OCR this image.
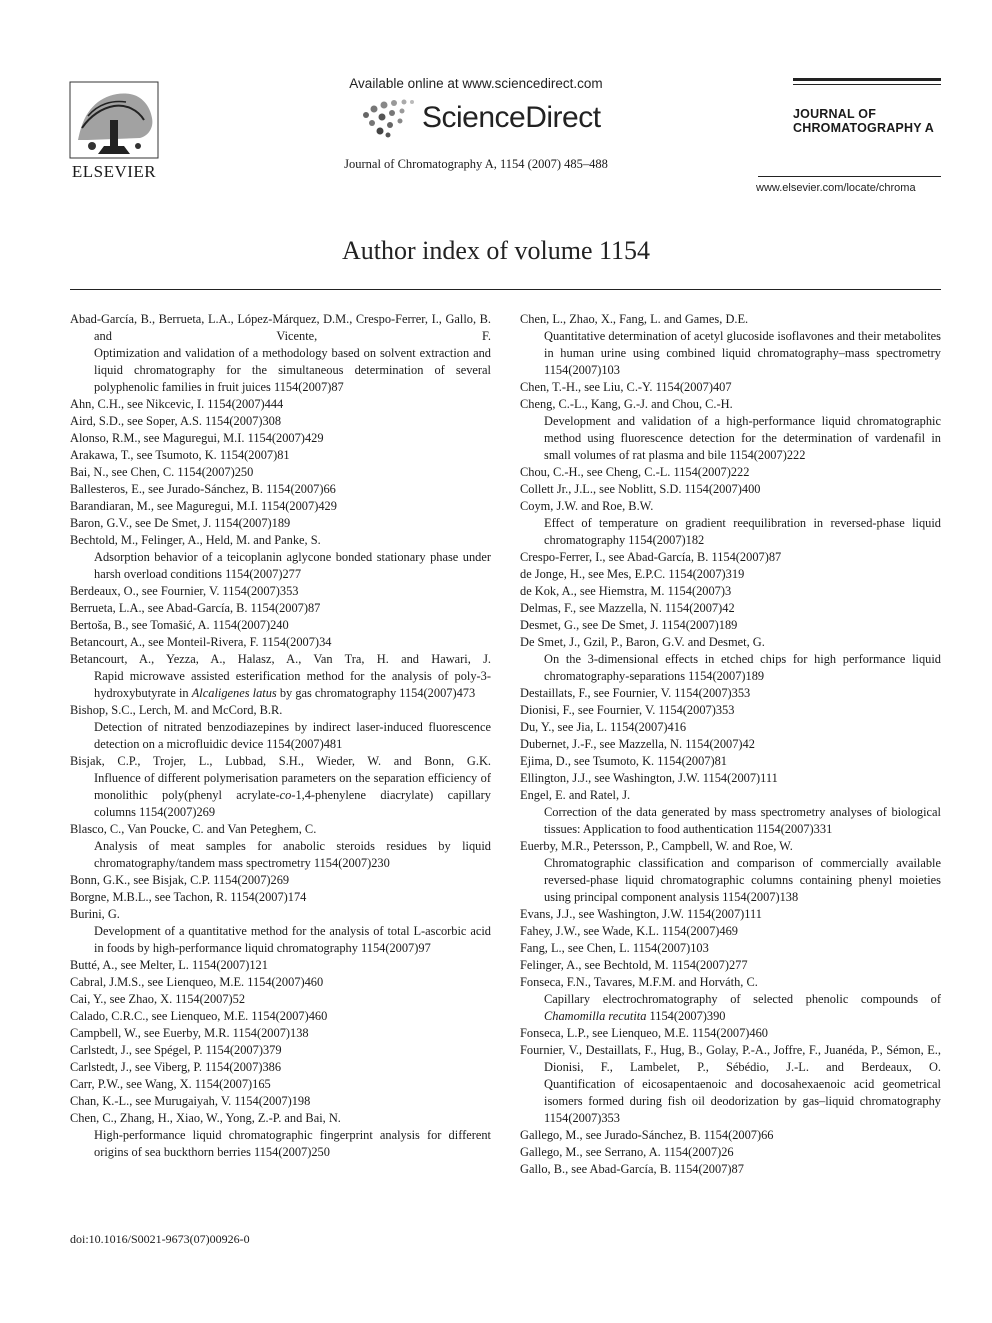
ELSEVIER
Available online at www.sciencedirect.com
ScienceDirect
Journal of Chromatography A, 1154 (2007) 485–488
JOURNAL OF
CHROMATOGRAPHY A
www.elsevier.com/locate/chroma
Author index of volume 1154
Abad-García, B., Berrueta, L.A., López-Márquez, D.M., Crespo-Ferrer, I., Gallo, B. and Vicente, F.
Optimization and validation of a methodology based on solvent extraction and liquid chromatography for the simultaneous determination of several polyphenolic families in fruit juices 1154(2007)87
Ahn, C.H., see Nikcevic, I. 1154(2007)444
Aird, S.D., see Soper, A.S. 1154(2007)308
Alonso, R.M., see Maguregui, M.I. 1154(2007)429
Arakawa, T., see Tsumoto, K. 1154(2007)81
Bai, N., see Chen, C. 1154(2007)250
Ballesteros, E., see Jurado-Sánchez, B. 1154(2007)66
Barandiaran, M., see Maguregui, M.I. 1154(2007)429
Baron, G.V., see De Smet, J. 1154(2007)189
Bechtold, M., Felinger, A., Held, M. and Panke, S.
Adsorption behavior of a teicoplanin aglycone bonded stationary phase under harsh overload conditions 1154(2007)277
Berdeaux, O., see Fournier, V. 1154(2007)353
Berrueta, L.A., see Abad-García, B. 1154(2007)87
Bertoša, B., see Tomašić, A. 1154(2007)240
Betancourt, A., see Monteil-Rivera, F. 1154(2007)34
Betancourt, A., Yezza, A., Halasz, A., Van Tra, H. and Hawari, J.
Rapid microwave assisted esterification method for the analysis of poly-3-hydroxybutyrate in Alcaligenes latus by gas chromatography 1154(2007)473
Bishop, S.C., Lerch, M. and McCord, B.R.
Detection of nitrated benzodiazepines by indirect laser-induced fluorescence detection on a microfluidic device 1154(2007)481
Bisjak, C.P., Trojer, L., Lubbad, S.H., Wieder, W. and Bonn, G.K.
Influence of different polymerisation parameters on the separation efficiency of monolithic poly(phenyl acrylate-co-1,4-phenylene diacrylate) capillary columns 1154(2007)269
Blasco, C., Van Poucke, C. and Van Peteghem, C.
Analysis of meat samples for anabolic steroids residues by liquid chromatography/tandem mass spectrometry 1154(2007)230
Bonn, G.K., see Bisjak, C.P. 1154(2007)269
Borgne, M.B.L., see Tachon, R. 1154(2007)174
Burini, G.
Development of a quantitative method for the analysis of total L-ascorbic acid in foods by high-performance liquid chromatography 1154(2007)97
Butté, A., see Melter, L. 1154(2007)121
Cabral, J.M.S., see Lienqueo, M.E. 1154(2007)460
Cai, Y., see Zhao, X. 1154(2007)52
Calado, C.R.C., see Lienqueo, M.E. 1154(2007)460
Campbell, W., see Euerby, M.R. 1154(2007)138
Carlstedt, J., see Spégel, P. 1154(2007)379
Carlstedt, J., see Viberg, P. 1154(2007)386
Carr, P.W., see Wang, X. 1154(2007)165
Chan, K.-L., see Murugaiyah, V. 1154(2007)198
Chen, C., Zhang, H., Xiao, W., Yong, Z.-P. and Bai, N.
High-performance liquid chromatographic fingerprint analysis for different origins of sea buckthorn berries 1154(2007)250
Chen, L., Zhao, X., Fang, L. and Games, D.E.
Quantitative determination of acetyl glucoside isoflavones and their metabolites in human urine using combined liquid chromatography–mass spectrometry 1154(2007)103
Chen, T.-H., see Liu, C.-Y. 1154(2007)407
Cheng, C.-L., Kang, G.-J. and Chou, C.-H.
Development and validation of a high-performance liquid chromatographic method using fluorescence detection for the determination of vardenafil in small volumes of rat plasma and bile 1154(2007)222
Chou, C.-H., see Cheng, C.-L. 1154(2007)222
Collett Jr., J.L., see Noblitt, S.D. 1154(2007)400
Coym, J.W. and Roe, B.W.
Effect of temperature on gradient reequilibration in reversed-phase liquid chromatography 1154(2007)182
Crespo-Ferrer, I., see Abad-García, B. 1154(2007)87
de Jonge, H., see Mes, E.P.C. 1154(2007)319
de Kok, A., see Hiemstra, M. 1154(2007)3
Delmas, F., see Mazzella, N. 1154(2007)42
Desmet, G., see De Smet, J. 1154(2007)189
De Smet, J., Gzil, P., Baron, G.V. and Desmet, G.
On the 3-dimensional effects in etched chips for high performance liquid chromatography-separations 1154(2007)189
Destaillats, F., see Fournier, V. 1154(2007)353
Dionisi, F., see Fournier, V. 1154(2007)353
Du, Y., see Jia, L. 1154(2007)416
Dubernet, J.-F., see Mazzella, N. 1154(2007)42
Ejima, D., see Tsumoto, K. 1154(2007)81
Ellington, J.J., see Washington, J.W. 1154(2007)111
Engel, E. and Ratel, J.
Correction of the data generated by mass spectrometry analyses of biological tissues: Application to food authentication 1154(2007)331
Euerby, M.R., Petersson, P., Campbell, W. and Roe, W.
Chromatographic classification and comparison of commercially available reversed-phase liquid chromatographic columns containing phenyl moieties using principal component analysis 1154(2007)138
Evans, J.J., see Washington, J.W. 1154(2007)111
Fahey, J.W., see Wade, K.L. 1154(2007)469
Fang, L., see Chen, L. 1154(2007)103
Felinger, A., see Bechtold, M. 1154(2007)277
Fonseca, F.N., Tavares, M.F.M. and Horváth, C.
Capillary electrochromatography of selected phenolic compounds of Chamomilla recutita 1154(2007)390
Fonseca, L.P., see Lienqueo, M.E. 1154(2007)460
Fournier, V., Destaillats, F., Hug, B., Golay, P.-A., Joffre, F., Juanéda, P., Sémon, E., Dionisi, F., Lambelet, P., Sébédio, J.-L. and Berdeaux, O.
Quantification of eicosapentaenoic and docosahexaenoic acid geometrical isomers formed during fish oil deodorization by gas–liquid chromatography 1154(2007)353
Gallego, M., see Jurado-Sánchez, B. 1154(2007)66
Gallego, M., see Serrano, A. 1154(2007)26
Gallo, B., see Abad-García, B. 1154(2007)87
doi:10.1016/S0021-9673(07)00926-0
